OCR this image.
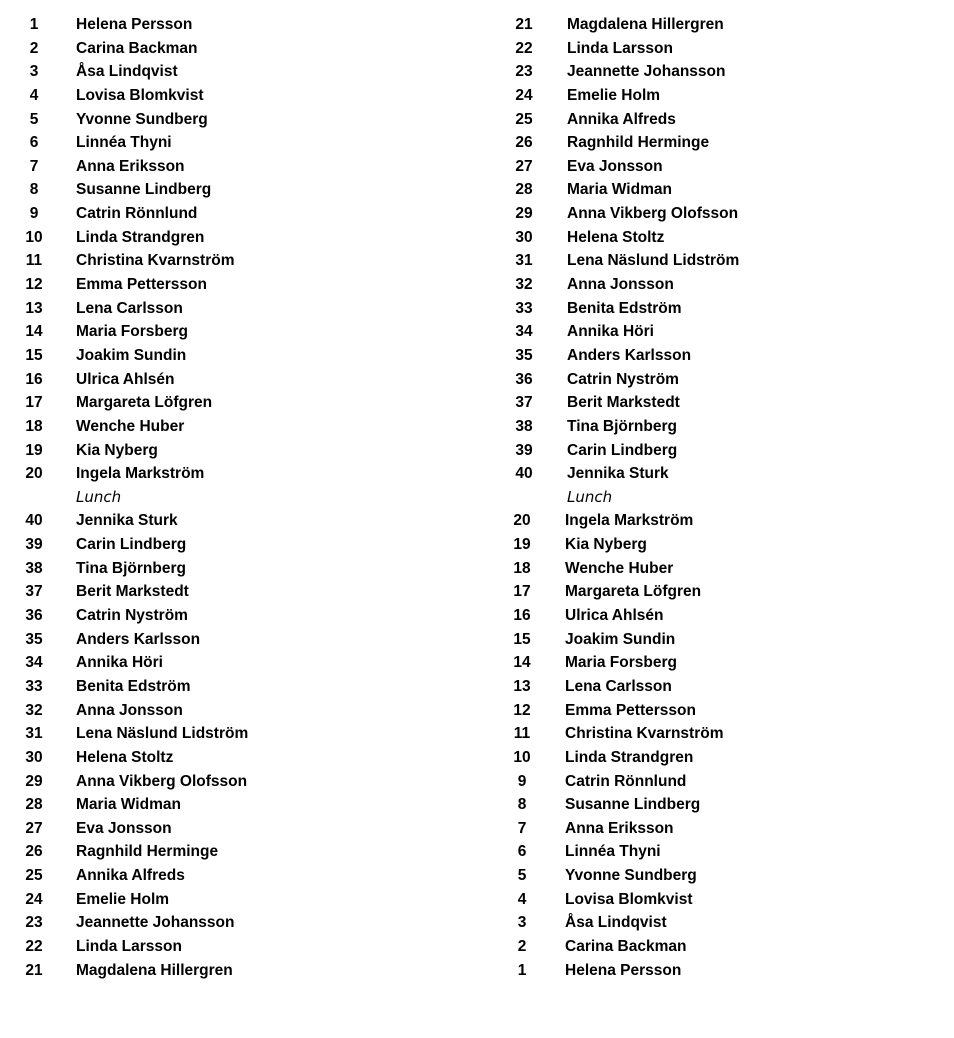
1	Helena Persson
2	Carina Backman
3	Åsa Lindqvist
4	Lovisa Blomkvist
5	Yvonne Sundberg
6	Linnéa Thyni
7	Anna Eriksson
8	Susanne Lindberg
9	Catrin Rönnlund
10	Linda Strandgren
11	Christina Kvarnström
12	Emma Pettersson
13	Lena Carlsson
14	Maria Forsberg
15	Joakim Sundin
16	Ulrica Ahlsén
17	Margareta Löfgren
18	Wenche Huber
19	Kia Nyberg
20	Ingela Markström
Lunch
40	Jennika Sturk
39	Carin Lindberg
38	Tina Björnberg
37	Berit Markstedt
36	Catrin Nyström
35	Anders Karlsson
34	Annika Höri
33	Benita Edström
32	Anna Jonsson
31	Lena Näslund Lidström
30	Helena Stoltz
29	Anna Vikberg Olofsson
28	Maria Widman
27	Eva Jonsson
26	Ragnhild Herminge
25	Annika Alfreds
24	Emelie Holm
23	Jeannette Johansson
22	Linda Larsson
21	Magdalena Hillergren
21	Magdalena Hillergren
22	Linda Larsson
23	Jeannette Johansson
24	Emelie Holm
25	Annika Alfreds
26	Ragnhild Herminge
27	Eva Jonsson
28	Maria Widman
29	Anna Vikberg Olofsson
30	Helena Stoltz
31	Lena Näslund Lidström
32	Anna Jonsson
33	Benita Edström
34	Annika Höri
35	Anders Karlsson
36	Catrin Nyström
37	Berit Markstedt
38	Tina Björnberg
39	Carin Lindberg
40	Jennika Sturk
Lunch
20	Ingela Markström
19	Kia Nyberg
18	Wenche Huber
17	Margareta Löfgren
16	Ulrica Ahlsén
15	Joakim Sundin
14	Maria Forsberg
13	Lena Carlsson
12	Emma Pettersson
11	Christina Kvarnström
10	Linda Strandgren
9	Catrin Rönnlund
8	Susanne Lindberg
7	Anna Eriksson
6	Linnéa Thyni
5	Yvonne Sundberg
4	Lovisa Blomkvist
3	Åsa Lindqvist
2	Carina Backman
1	Helena Persson
